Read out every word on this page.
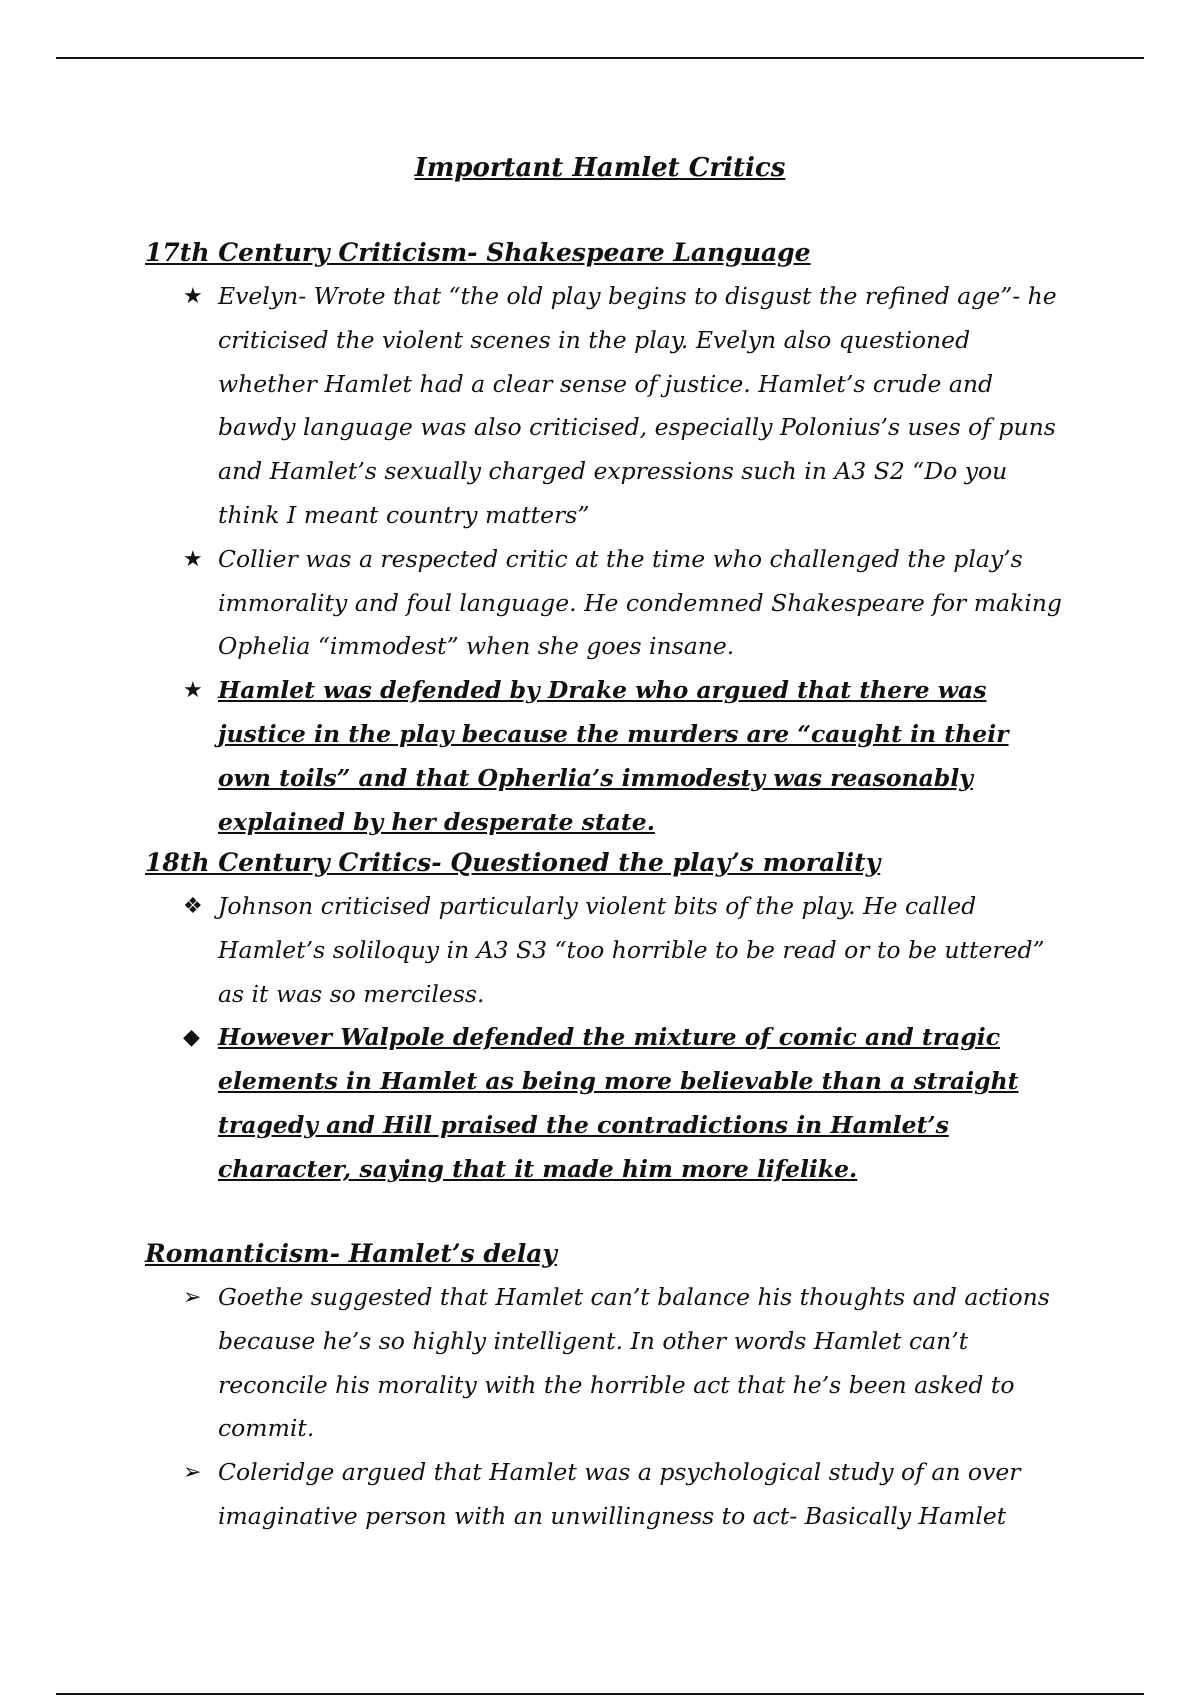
Important Hamlet Critics
17th Century Criticism- Shakespeare Language
★ Evelyn- Wrote that “the old play begins to disgust the refined age”- he criticised the violent scenes in the play. Evelyn also questioned whether Hamlet had a clear sense of justice. Hamlet’s crude and bawdy language was also criticised, especially Polonius’s uses of puns and Hamlet’s sexually charged expressions such in A3 S2 “Do you think I meant country matters”
★ Collier was a respected critic at the time who challenged the play’s immorality and foul language. He condemned Shakespeare for making Ophelia “immodest” when she goes insane.
★ Hamlet was defended by Drake who argued that there was justice in the play because the murders are “caught in their own toils” and that Opherlia’s immodesty was reasonably explained by her desperate state.
18th Century Critics- Questioned the play’s morality
❖ Johnson criticised particularly violent bits of the play. He called Hamlet’s soliloquy in A3 S3 “too horrible to be read or to be uttered” as it was so merciless.
◆ However Walpole defended the mixture of comic and tragic elements in Hamlet as being more believable than a straight tragedy and Hill praised the contradictions in Hamlet’s character, saying that it made him more lifelike.
Romanticism- Hamlet’s delay
➢ Goethe suggested that Hamlet can’t balance his thoughts and actions because he’s so highly intelligent. In other words Hamlet can’t reconcile his morality with the horrible act that he’s been asked to commit.
➢ Coleridge argued that Hamlet was a psychological study of an over imaginative person with an unwillingness to act- Basically Hamlet
